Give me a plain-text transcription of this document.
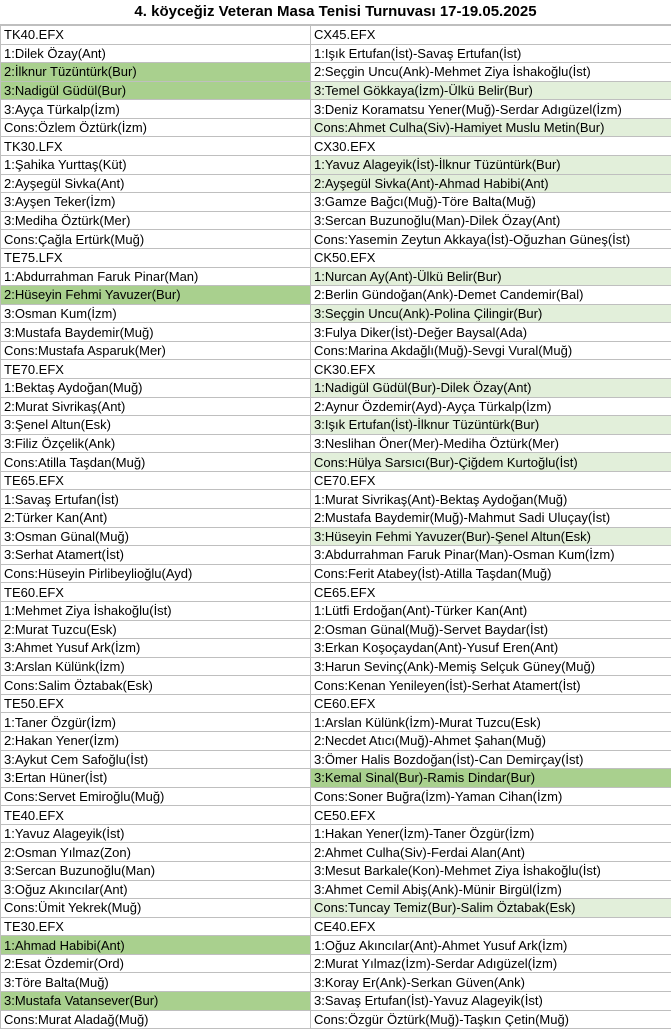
4. köyceğiz Veteran Masa Tenisi Turnuvası 17-19.05.2025
TK40.EFX	CX45.EFX
1:Dilek Özay(Ant)	1:Işık Ertufan(İst)-Savaş Ertufan(İst)
2:İlknur Tüzüntürk(Bur)	2:Seçgin Uncu(Ank)-Mehmet Ziya İshakoğlu(İst)
3:Nadigül Güdül(Bur)	3:Temel Gökkaya(İzm)-Ülkü Belir(Bur)
3:Ayça Türkalp(İzm)	3:Deniz Koramatsu Yener(Muğ)-Serdar Adıgüzel(İzm)
Cons:Özlem Öztürk(İzm)	Cons:Ahmet Culha(Siv)-Hamiyet Muslu Metin(Bur)
TK30.LFX	CX30.EFX
1:Şahika Yurttaş(Küt)	1:Yavuz Alageyik(İst)-İlknur Tüzüntürk(Bur)
2:Ayşegül Sivka(Ant)	2:Ayşegül Sivka(Ant)-Ahmad Habibi(Ant)
3:Ayşen Teker(İzm)	3:Gamze Bağcı(Muğ)-Töre Balta(Muğ)
3:Mediha Öztürk(Mer)	3:Sercan Buzunoğlu(Man)-Dilek Özay(Ant)
Cons:Çağla Ertürk(Muğ)	Cons:Yasemin Zeytun Akkaya(İst)-Oğuzhan Güneş(İst)
TE75.LFX	CK50.EFX
1:Abdurrahman Faruk Pinar(Man)	1:Nurcan Ay(Ant)-Ülkü Belir(Bur)
2:Hüseyin Fehmi Yavuzer(Bur)	2:Berlin Gündoğan(Ank)-Demet Candemir(Bal)
3:Osman Kum(İzm)	3:Seçgin Uncu(Ank)-Polina Çilingir(Bur)
3:Mustafa Baydemir(Muğ)	3:Fulya Diker(İst)-Değer Baysal(Ada)
Cons:Mustafa Asparuk(Mer)	Cons:Marina Akdağlı(Muğ)-Sevgi Vural(Muğ)
TE70.EFX	CK30.EFX
1:Bektaş Aydoğan(Muğ)	1:Nadigül Güdül(Bur)-Dilek Özay(Ant)
2:Murat Sivrikaş(Ant)	2:Aynur Özdemir(Ayd)-Ayça Türkalp(İzm)
3:Şenel Altun(Esk)	3:Işık Ertufan(İst)-İlknur Tüzüntürk(Bur)
3:Filiz Özçelik(Ank)	3:Neslihan Öner(Mer)-Mediha Öztürk(Mer)
Cons:Atilla Taşdan(Muğ)	Cons:Hülya Sarsıcı(Bur)-Çiğdem Kurtoğlu(İst)
TE65.EFX	CE70.EFX
1:Savaş Ertufan(İst)	1:Murat Sivrikaş(Ant)-Bektaş Aydoğan(Muğ)
2:Türker Kan(Ant)	2:Mustafa Baydemir(Muğ)-Mahmut Sadi Uluçay(İst)
3:Osman Günal(Muğ)	3:Hüseyin Fehmi Yavuzer(Bur)-Şenel Altun(Esk)
3:Serhat Atamert(İst)	3:Abdurrahman Faruk Pinar(Man)-Osman Kum(İzm)
Cons:Hüseyin Pirlibeylioğlu(Ayd)	Cons:Ferit Atabey(İst)-Atilla Taşdan(Muğ)
TE60.EFX	CE65.EFX
1:Mehmet Ziya İshakoğlu(İst)	1:Lütfi Erdoğan(Ant)-Türker Kan(Ant)
2:Murat Tuzcu(Esk)	2:Osman Günal(Muğ)-Servet Baydar(İst)
3:Ahmet Yusuf Ark(İzm)	3:Erkan Koşoçaydan(Ant)-Yusuf Eren(Ant)
3:Arslan Külünk(İzm)	3:Harun Sevinç(Ank)-Memiş Selçuk Güney(Muğ)
Cons:Salim Öztabak(Esk)	Cons:Kenan Yenileyen(İst)-Serhat Atamert(İst)
TE50.EFX	CE60.EFX
1:Taner Özgür(İzm)	1:Arslan Külünk(İzm)-Murat Tuzcu(Esk)
2:Hakan Yener(İzm)	2:Necdet Atıcı(Muğ)-Ahmet Şahan(Muğ)
3:Aykut Cem Safoğlu(İst)	3:Ömer Halis Bozdoğan(İst)-Can Demirçay(İst)
3:Ertan Hüner(İst)	3:Kemal Sinal(Bur)-Ramis Dindar(Bur)
Cons:Servet Emiroğlu(Muğ)	Cons:Soner Buğra(İzm)-Yaman Cihan(İzm)
TE40.EFX	CE50.EFX
1:Yavuz Alageyik(İst)	1:Hakan Yener(İzm)-Taner Özgür(İzm)
2:Osman Yılmaz(Zon)	2:Ahmet Culha(Siv)-Ferdai Alan(Ant)
3:Sercan Buzunoğlu(Man)	3:Mesut Barkale(Kon)-Mehmet Ziya İshakoğlu(İst)
3:Oğuz Akıncılar(Ant)	3:Ahmet Cemil Abiş(Ank)-Münir Birgül(İzm)
Cons:Ümit Yekrek(Muğ)	Cons:Tuncay Temiz(Bur)-Salim Öztabak(Esk)
TE30.EFX	CE40.EFX
1:Ahmad Habibi(Ant)	1:Oğuz Akıncılar(Ant)-Ahmet Yusuf Ark(İzm)
2:Esat Özdemir(Ord)	2:Murat Yılmaz(İzm)-Serdar Adıgüzel(İzm)
3:Töre Balta(Muğ)	3:Koray Er(Ank)-Serkan Güven(Ank)
3:Mustafa Vatansever(Bur)	3:Savaş Ertufan(İst)-Yavuz Alageyik(İst)
Cons:Murat Aladağ(Muğ)	Cons:Özgür Öztürk(Muğ)-Taşkın Çetin(Muğ)
